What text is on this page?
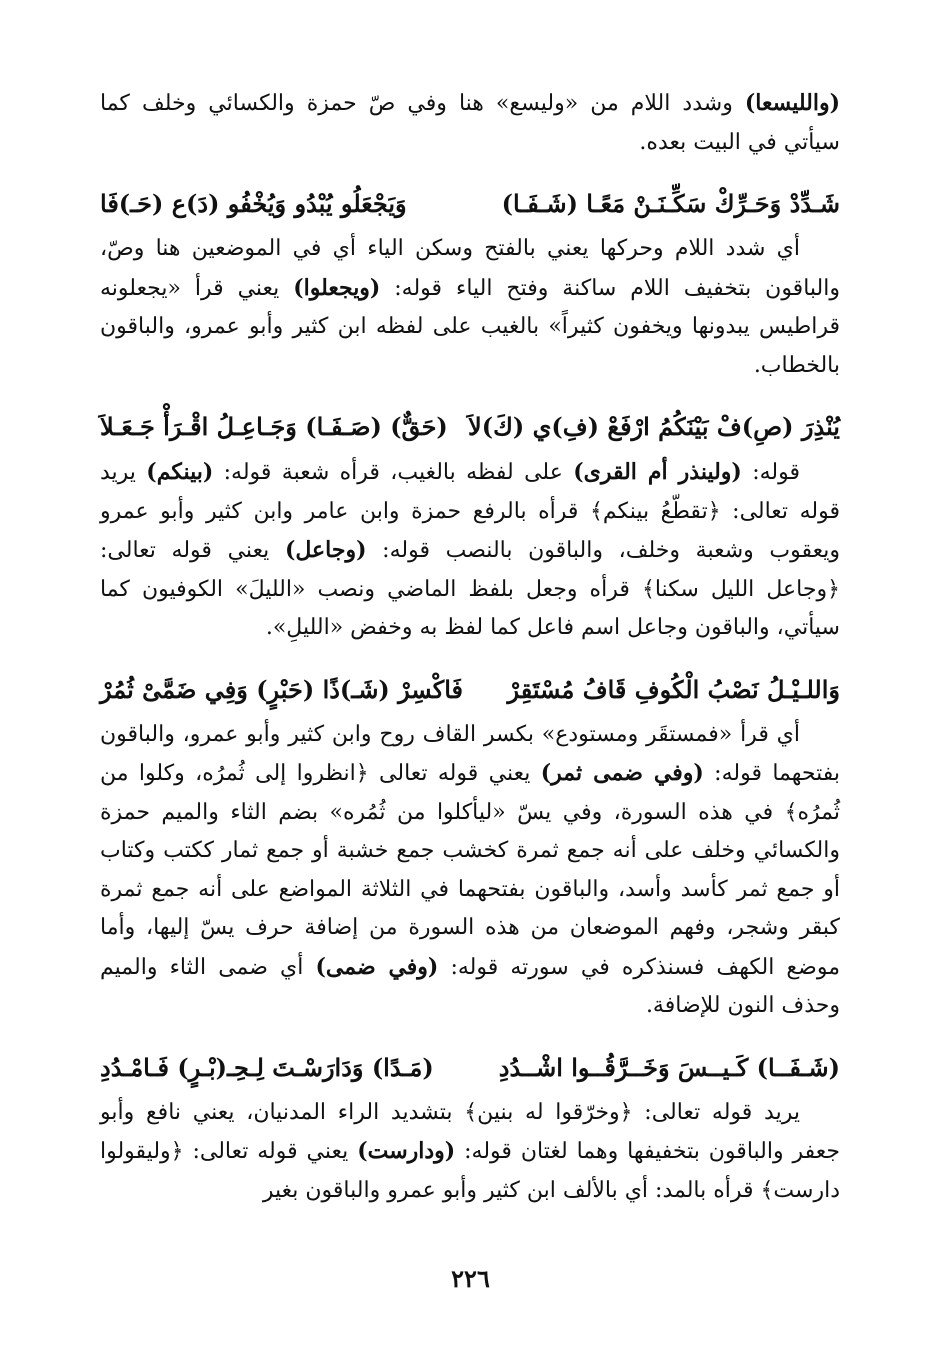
(والليسعا) وشدد اللام من «وليسع» هنا وفي صّ حمزة والكسائي وخلف كما سيأتي في البيت بعده.

شَـدِّدْ وَحَـرِّكْ سَكِّـنَـنْ مَعًـا (شَـفَـا)
وَيَجْعَلُو يُبْدُو وَيُخْفُو (دَ)ع (حَـ)فَا

أي شدد اللام وحركها يعني بالفتح وسكن الياء أي في الموضعين هنا وصّ، والباقون بتخفيف اللام ساكنة وفتح الياء قوله: (ويجعلوا) يعني قرأ «يجعلونه قراطيس يبدونها ويخفون كثيراً» بالغيب على لفظه ابن كثير وأبو عمرو، والباقون بالخطاب.

يُنْذِرَ (صِ)فْ بَيْنَكُمُ ارْفَعْ (فِ)ي (كَ)لاَ
(حَقٌّ) (صَـفَـا) وَجَـاعِـلُ اقْـرَأْ جَـعَـلاَ

قوله: (ولينذر أم القرى) على لفظه بالغيب، قرأه شعبة قوله: (بينكم) يريد قوله تعالى: ﴿تقطّعُ بينكم﴾ قرأه بالرفع حمزة وابن عامر وابن كثير وأبو عمرو ويعقوب وشعبة وخلف، والباقون بالنصب قوله: (وجاعل) يعني قوله تعالى: ﴿وجاعل الليل سكنا﴾ قرأه وجعل بلفظ الماضي ونصب «الليلَ» الكوفيون كما سيأتي، والباقون وجاعل اسم فاعل كما لفظ به وخفض «الليلِ».

وَاللـيْـلُ نَصْبُ الْكُوفِ قَافُ مُسْتَقِرْ
فَاكْسِرْ (شَـ)ذًا (حَبْرٍ) وَفِي ضَمَّىْ ثُمُرْ

أي قرأ «فمستقَر ومستودع» بكسر القاف روح وابن كثير وأبو عمرو، والباقون بفتحهما قوله: (وفي ضمى ثمر) يعني قوله تعالى ﴿انظروا إلى ثُمرُه، وكلوا من ثُمرُه﴾ في هذه السورة، وفي يسّ «ليأكلوا من ثُمُره» بضم الثاء والميم حمزة والكسائي وخلف على أنه جمع ثمرة كخشب جمع خشبة أو جمع ثمار ككتب وكتاب أو جمع ثمر كأسد وأسد، والباقون بفتحهما في الثلاثة المواضع على أنه جمع ثمرة كبقر وشجر، وفهم الموضعان من هذه السورة من إضافة حرف يسّ إليها، وأما موضع الكهف فسنذكره في سورته قوله: (وفي ضمى) أي ضمى الثاء والميم وحذف النون للإضافة.

(شَـفَــا) كَـيــسَ وَخَــرَّقُــوا اشْــدُدِ
(مَـدًا) وَدَارَسْـتَ لِـحِـ(بْـرٍ) فَـامْـدُدِ

يريد قوله تعالى: ﴿وخرّقوا له بنين﴾ بتشديد الراء المدنيان، يعني نافع وأبو جعفر والباقون بتخفيفها وهما لغتان قوله: (ودارست) يعني قوله تعالى: ﴿وليقولوا دارست﴾ قرأه بالمد: أي بالألف ابن كثير وأبو عمرو والباقون بغير

٢٢٦
